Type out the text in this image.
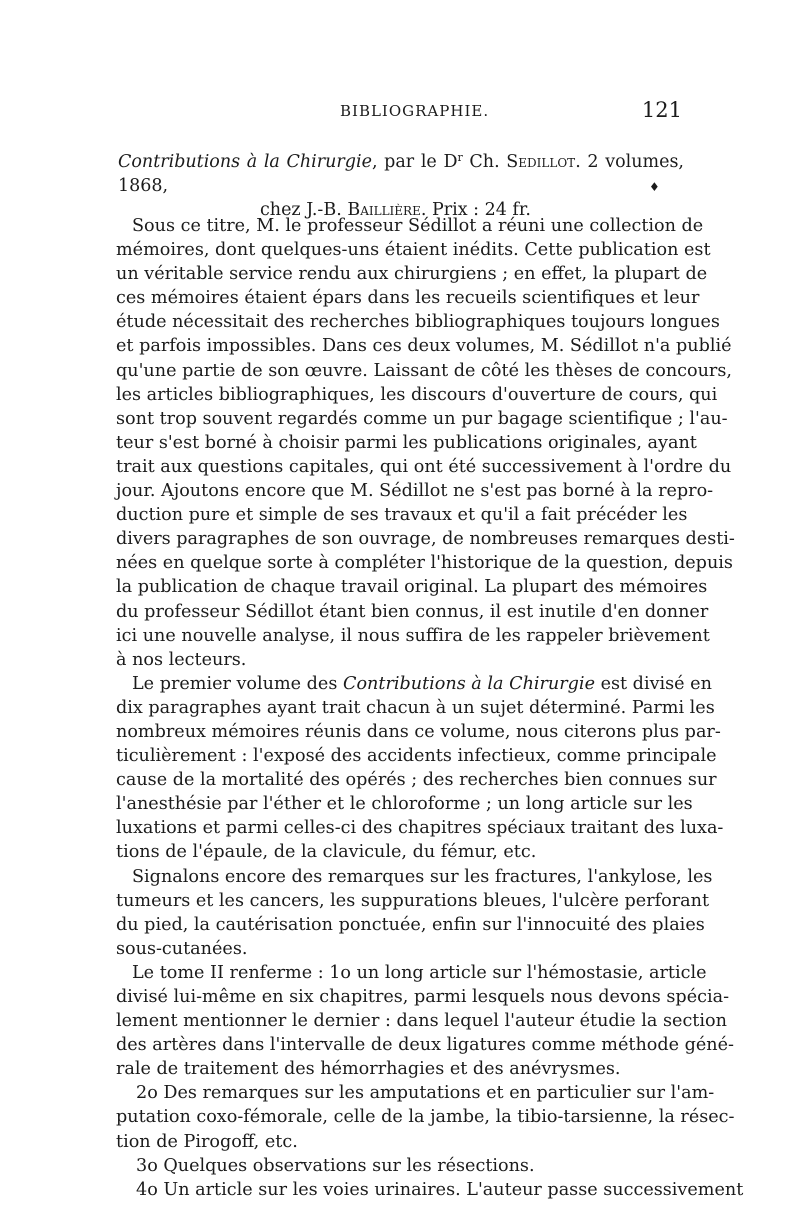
BIBLIOGRAPHIE.	121
Contributions à la Chirurgie, par le $D^r$ Ch. Sedillot. 2 volumes, 1868,
chez J.-B. Baillière. Prix : 24 fr.
♦
Sous ce titre, M. le professeur Sédillot a réuni une collection de
mémoires, dont quelques-uns étaient inédits. Cette publication est
un véritable service rendu aux chirurgiens ; en effet, la plupart de
ces mémoires étaient épars dans les recueils scientifiques et leur
étude nécessitait des recherches bibliographiques toujours longues
et parfois impossibles. Dans ces deux volumes, M. Sédillot n'a publié
qu'une partie de son œuvre. Laissant de côté les thèses de concours,
les articles bibliographiques, les discours d'ouverture de cours, qui
sont trop souvent regardés comme un pur bagage scientifique ; l'au-
teur s'est borné à choisir parmi les publications originales, ayant
trait aux questions capitales, qui ont été successivement à l'ordre du
jour. Ajoutons encore que M. Sédillot ne s'est pas borné à la repro-
duction pure et simple de ses travaux et qu'il a fait précéder les
divers paragraphes de son ouvrage, de nombreuses remarques desti-
nées en quelque sorte à compléter l'historique de la question, depuis
la publication de chaque travail original. La plupart des mémoires
du professeur Sédillot étant bien connus, il est inutile d'en donner
ici une nouvelle analyse, il nous suffira de les rappeler brièvement
à nos lecteurs.
Le premier volume des Contributions à la Chirurgie est divisé en
dix paragraphes ayant trait chacun à un sujet déterminé. Parmi les
nombreux mémoires réunis dans ce volume, nous citerons plus par-
ticulièrement : l'exposé des accidents infectieux, comme principale
cause de la mortalité des opérés ; des recherches bien connues sur
l'anesthésie par l'éther et le chloroforme ; un long article sur les
luxations et parmi celles-ci des chapitres spéciaux traitant des luxa-
tions de l'épaule, de la clavicule, du fémur, etc.
Signalons encore des remarques sur les fractures, l'ankylose, les
tumeurs et les cancers, les suppurations bleues, l'ulcère perforant
du pied, la cautérisation ponctuée, enfin sur l'innocuité des plaies
sous-cutanées.
Le tome II renferme : 1o un long article sur l'hémostasie, article
divisé lui-même en six chapitres, parmi lesquels nous devons spécia-
lement mentionner le dernier : dans lequel l'auteur étudie la section
des artères dans l'intervalle de deux ligatures comme méthode géné-
rale de traitement des hémorrhagies et des anévrysmes.
2o Des remarques sur les amputations et en particulier sur l'am-
putation coxo-fémorale, celle de la jambe, la tibio-tarsienne, la résec-
tion de Pirogoff, etc.
3o Quelques observations sur les résections.
4o Un article sur les voies urinaires. L'auteur passe successivement
